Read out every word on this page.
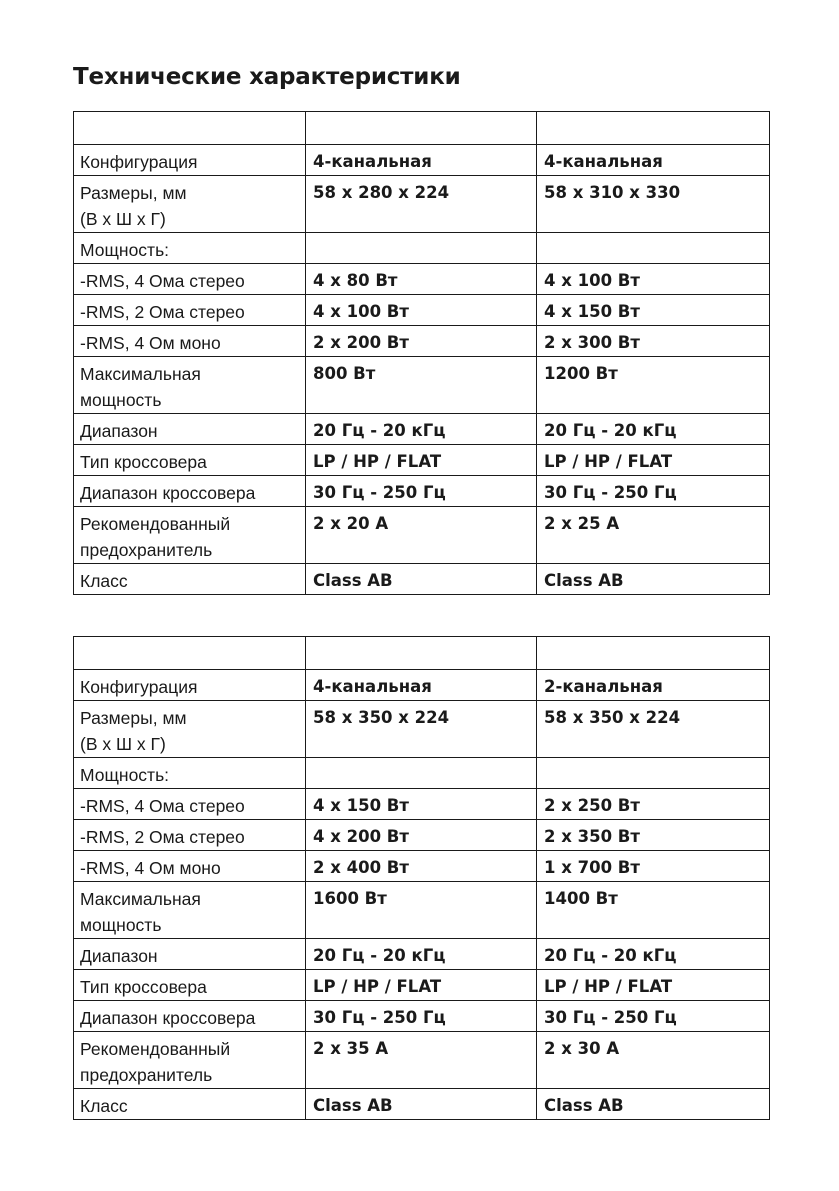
Технические характеристики

Конфигурация	4-канальная	4-канальная
Размеры, мм
(В х Ш х Г)	58 х 280 х 224	58 х 310 х 330
Мощность:		
-RMS, 4 Ома стерео	4 х 80 Вт	4 х 100 Вт
-RMS, 2 Ома стерео	4 х 100 Вт	4 х 150 Вт
-RMS, 4 Ом моно	2 х 200 Вт	2 х 300 Вт
Максимальная
мощность	800 Вт	1200 Вт
Диапазон	20 Гц - 20 кГц	20 Гц - 20 кГц
Тип кроссовера	LP / HP / FLAT	LP / HP / FLAT
Диапазон кроссовера	30 Гц - 250 Гц	30 Гц - 250 Гц
Рекомендованный
предохранитель	2 х 20 А	2 х 25 А
Класс	Class AB	Class AB

Конфигурация	4-канальная	2-канальная
Размеры, мм
(В х Ш х Г)	58 х 350 х 224	58 х 350 х 224
Мощность:		
-RMS, 4 Ома стерео	4 х 150 Вт	2 х 250 Вт
-RMS, 2 Ома стерео	4 х 200 Вт	2 х 350 Вт
-RMS, 4 Ом моно	2 х 400 Вт	1 х 700 Вт
Максимальная
мощность	1600 Вт	1400 Вт
Диапазон	20 Гц - 20 кГц	20 Гц - 20 кГц
Тип кроссовера	LP / HP / FLAT	LP / HP / FLAT
Диапазон кроссовера	30 Гц - 250 Гц	30 Гц - 250 Гц
Рекомендованный
предохранитель	2 х 35 А	2 х 30 А
Класс	Class AB	Class AB
